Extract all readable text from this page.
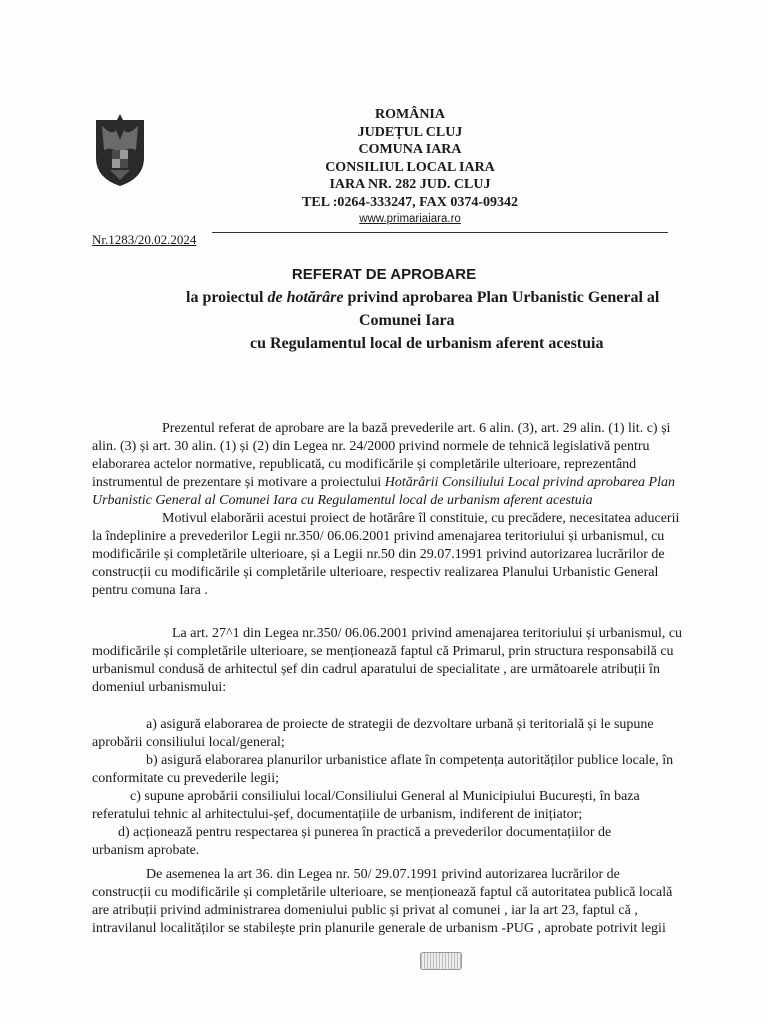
ROMÂNIA
JUDEȚUL CLUJ
COMUNA IARA
CONSILIUL LOCAL IARA
IARA NR. 282 JUD. CLUJ
TEL :0264-333247, FAX 0374-09342
www.primariaiara.ro
Nr.1283/20.02.2024
REFERAT DE APROBARE
la proiectul de hotărâre privind aprobarea Plan Urbanistic General al
Comunei Iara
cu Regulamentul local de urbanism aferent acestuia
Prezentul referat de aprobare are la bază prevederile art. 6 alin. (3), art. 29 alin. (1) lit. c) și
alin. (3) și art. 30 alin. (1) și (2) din Legea nr. 24/2000 privind normele de tehnică legislativă pentru
elaborarea actelor normative, republicată, cu modificările și completările ulterioare, reprezentând
instrumentul de prezentare și motivare a proiectului Hotărârii Consiliului Local privind aprobarea Plan
Urbanistic General al Comunei Iara cu Regulamentul local de urbanism aferent acestuia
Motivul elaborării acestui proiect de hotărâre îl constituie, cu precădere, necesitatea aducerii
la îndeplinire a prevederilor Legii nr.350/ 06.06.2001 privind amenajarea teritoriului și urbanismul, cu
modificările și completările ulterioare, și a Legii nr.50 din 29.07.1991 privind autorizarea lucrărilor de
construcții cu modificările și completările ulterioare, respectiv realizarea Planului Urbanistic General
pentru comuna Iara .
La art. 27^1 din Legea nr.350/ 06.06.2001 privind amenajarea teritoriului și urbanismul, cu
modificările și completările ulterioare, se menționează faptul că Primarul, prin structura responsabilă cu
urbanismul condusă de arhitectul șef din cadrul aparatului de specialitate , are următoarele atribuții în
domeniul urbanismului:
a) asigură elaborarea de proiecte de strategii de dezvoltare urbană și teritorială și le supune
aprobării consiliului local/general;
b) asigură elaborarea planurilor urbanistice aflate în competența autorităților publice locale, în
conformitate cu prevederile legii;
c) supune aprobării consiliului local/Consiliului General al Municipiului București, în baza
referatului tehnic al arhitectului-șef, documentațiile de urbanism, indiferent de inițiator;
d) acționează pentru respectarea și punerea în practică a prevederilor documentațiilor de
urbanism aprobate.
De asemenea la art 36. din Legea nr. 50/ 29.07.1991 privind autorizarea lucrărilor de
construcții cu modificările și completările ulterioare, se menționează faptul că autoritatea publică locală
are atribuții privind administrarea domeniului public și privat al comunei , iar la art 23, faptul că ,
intravilanul localităților se stabilește prin planurile generale de urbanism -PUG , aprobate potrivit legii
